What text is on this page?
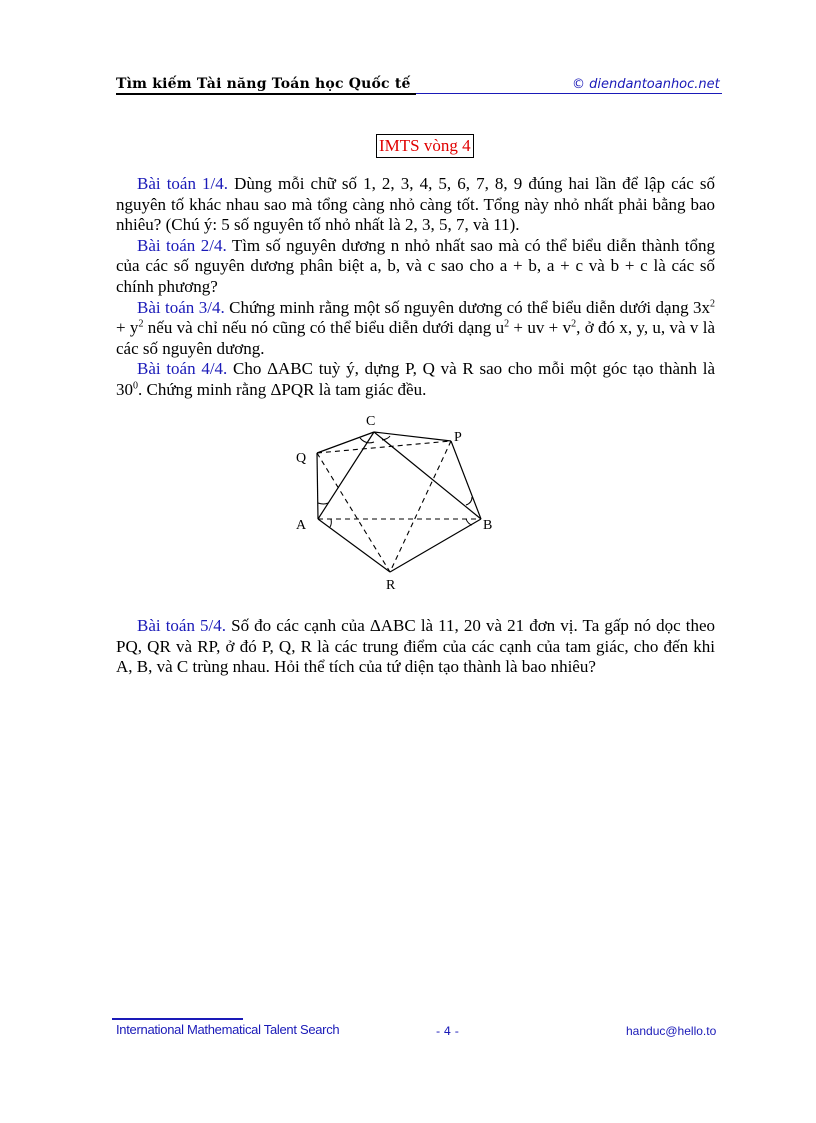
Tìm kiếm Tài năng Toán học Quốc tế	© diendantoanhoc.net
IMTS vòng 4

Bài toán 1/4. Dùng mỗi chữ số 1, 2, 3, 4, 5, 6, 7, 8, 9 đúng hai lần để lập các số nguyên tố khác nhau sao mà tổng càng nhỏ càng tốt. Tổng này nhỏ nhất phải bằng bao nhiêu? (Chú ý: 5 số nguyên tố nhỏ nhất là 2, 3, 5, 7, và 11).

Bài toán 2/4. Tìm số nguyên dương n nhỏ nhất sao mà có thể biểu diễn thành tổng của các số nguyên dương phân biệt a, b, và c sao cho a + b, a + c và b + c là các số chính phương?

Bài toán 3/4. Chứng minh rằng một số nguyên dương có thể biểu diễn dưới dạng $3x^2 + y^2$ nếu và chỉ nếu nó cũng có thể biểu diễn dưới dạng $u^2$ + uv + $v^2$, ở đó x, y, u, và v là các số nguyên dương.

Bài toán 4/4. Cho ΔABC tuỳ ý, dựng P, Q và R sao cho mỗi một góc tạo thành là $30^0$. Chứng minh rằng ΔPQR là tam giác đều.

C
P
Q
A	B
R

Bài toán 5/4. Số đo các cạnh của ΔABC là 11, 20 và 21 đơn vị. Ta gấp nó dọc theo PQ, QR và RP, ở đó P, Q, R là các trung điểm của các cạnh của tam giác, cho đến khi A, B, và C trùng nhau. Hỏi thể tích của tứ diện tạo thành là bao nhiêu?

International Mathematical Talent Search	- 4 -	handuc@hello.to
